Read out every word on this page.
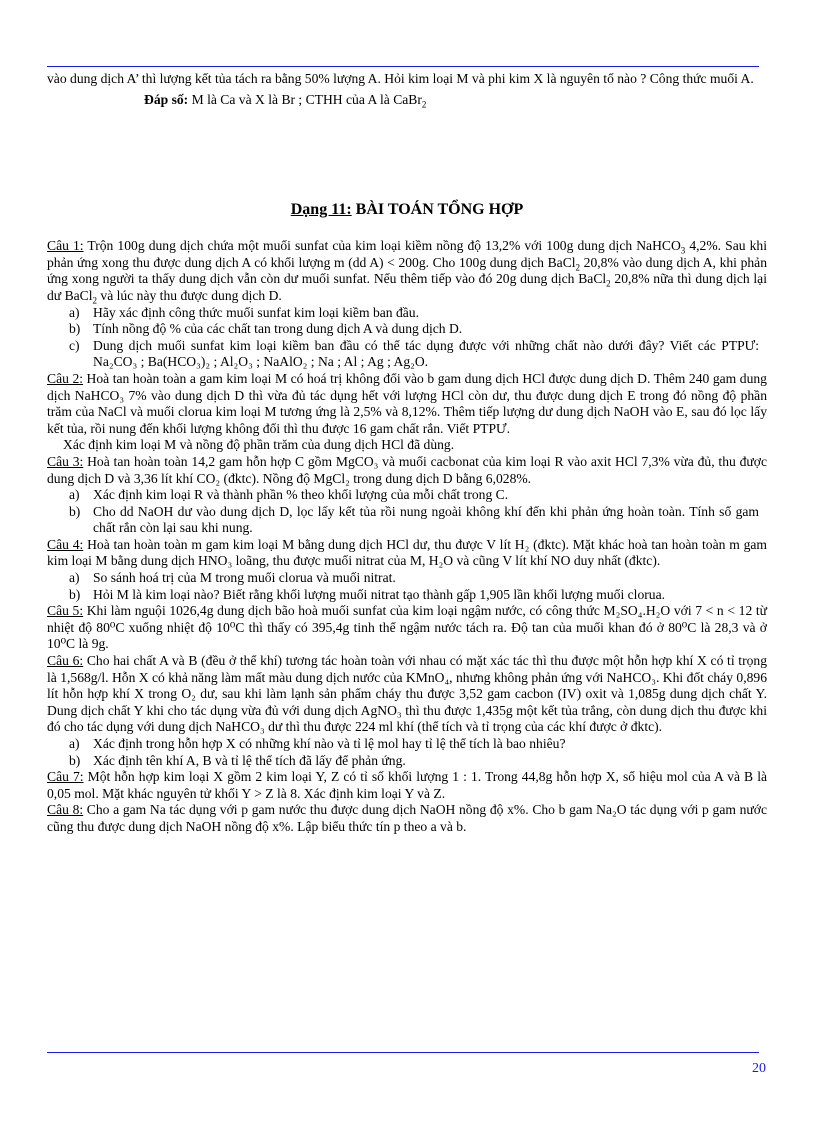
vào dung dịch A’ thì lượng kết tủa tách ra bằng 50% lượng A. Hỏi kim loại M và phi kim X là nguyên tố nào ? Công thức muối A.

Đáp số: M là Ca và X là Br ; CTHH của A là CaBr$_2$

Dạng 11: BÀI TOÁN TỔNG HỢP

Câu 1: Trộn 100g dung dịch chứa một muối sunfat của kim loại kiềm nồng độ 13,2% với 100g dung dịch NaHCO$_3$ 4,2%. Sau khi phản ứng xong thu được dung dịch A có khối lượng m (dd A) < 200g. Cho 100g dung dịch BaCl$_2$ 20,8% vào dung dịch A, khi phản ứng xong người ta thấy dung dịch vẫn còn dư muối sunfat. Nếu thêm tiếp vào đó 20g dung dịch BaCl$_2$ 20,8% nữa thì dung dịch lại dư BaCl$_2$ và lúc này thu được dung dịch D.

a) Hãy xác định công thức muối sunfat kim loại kiềm ban đầu.
b) Tính nồng độ % của các chất tan trong dung dịch A và dung dịch D.
c) Dung dịch muối sunfat kim loại kiềm ban đầu có thể tác dụng được với những chất nào dưới đây? Viết các PTPƯ: Na₂CO₃ ; Ba(HCO₃)₂ ; Al₂O₃ ; NaAlO₂ ; Na ; Al ; Ag ; Ag₂O.

Câu 2: Hoà tan hoàn toàn a gam kim loại M có hoá trị không đổi vào b gam dung dịch HCl được dung dịch D. Thêm 240 gam dung dịch NaHCO₃ 7% vào dung dịch D thì vừa đủ tác dụng hết với lượng HCl còn dư, thu được dung dịch E trong đó nồng độ phần trăm của NaCl và muối clorua kim loại M tương ứng là 2,5% và 8,12%. Thêm tiếp lượng dư dung dịch NaOH vào E, sau đó lọc lấy kết tủa, rồi nung đến khối lượng không đổi thì thu được 16 gam chất rắn. Viết PTPƯ.

Xác định kim loại M và nồng độ phần trăm của dung dịch HCl đã dùng.

Câu 3: Hoà tan hoàn toàn 14,2 gam hỗn hợp C gồm MgCO₃ và muối cacbonat của kim loại R vào axit HCl 7,3% vừa đủ, thu được dung dịch D và 3,36 lít khí CO₂ (đktc). Nồng độ MgCl₂ trong dung dịch D bằng 6,028%.

a) Xác định kim loại R và thành phần % theo khối lượng của mỗi chất trong C.
b) Cho dd NaOH dư vào dung dịch D, lọc lấy kết tủa rồi nung ngoài không khí đến khi phản ứng hoàn toàn. Tính số gam chất rắn còn lại sau khi nung.

Câu 4: Hoà tan hoàn toàn m gam kim loại M bằng dung dịch HCl dư, thu được V lít H₂ (đktc). Mặt khác hoà tan hoàn toàn m gam kim loại M bằng dung dịch HNO₃ loãng, thu được muối nitrat của M, H₂O và cũng V lít khí NO duy nhất (đktc).

a) So sánh hoá trị của M trong muối clorua và muối nitrat.
b) Hỏi M là kim loại nào? Biết rằng khối lượng muối nitrat tạo thành gấp 1,905 lần khối lượng muối clorua.

Câu 5: Khi làm nguội 1026,4g dung dịch bão hoà muối sunfat của kim loại ngậm nước, có công thức M₂SO₄.H₂O với 7 < n < 12 từ nhiệt độ 80⁰C xuống nhiệt độ 10⁰C thì thấy có 395,4g tinh thể ngậm nước tách ra. Độ tan của muối khan đó ở 80⁰C là 28,3 và ở 10⁰C là 9g.

Câu 6: Cho hai chất A và B (đều ở thể khí) tương tác hoàn toàn với nhau có mặt xác tác thì thu được một hỗn hợp khí X có tỉ trọng là 1,568g/l. Hỗn X có khả năng làm mất màu dung dịch nước của KMnO₄, nhưng không phản ứng với NaHCO₃. Khi đốt cháy 0,896 lít hỗn hợp khí X trong O₂ dư, sau khi làm lạnh sản phẩm cháy thu được 3,52 gam cacbon (IV) oxit và 1,085g dung dịch chất Y. Dung dịch chất Y khi cho tác dụng vừa đủ với dung dịch AgNO₃ thì thu được 1,435g một kết tủa trắng, còn dung dịch thu được khi đó cho tác dụng với dung dịch NaHCO₃ dư thì thu được 224 ml khí (thể tích và tỉ trọng của các khí được ở đktc).

a) Xác định trong hỗn hợp X có những khí nào và tỉ lệ mol hay tỉ lệ thể tích là bao nhiêu?
b) Xác định tên khí A, B và tỉ lệ thể tích đã lấy để phản ứng.

Câu 7: Một hỗn hợp kim loại X gồm 2 kim loại Y, Z có tỉ số khối lượng 1 : 1. Trong 44,8g hỗn hợp X, số hiệu mol của A và B là 0,05 mol. Mặt khác nguyên tử khối Y > Z là 8. Xác định kim loại Y và Z.

Câu 8: Cho a gam Na tác dụng với p gam nước thu được dung dịch NaOH nồng độ x%. Cho b gam Na₂O tác dụng với p gam nước cũng thu được dung dịch NaOH nồng độ x%. Lập biểu thức tín p theo a và b.

20
